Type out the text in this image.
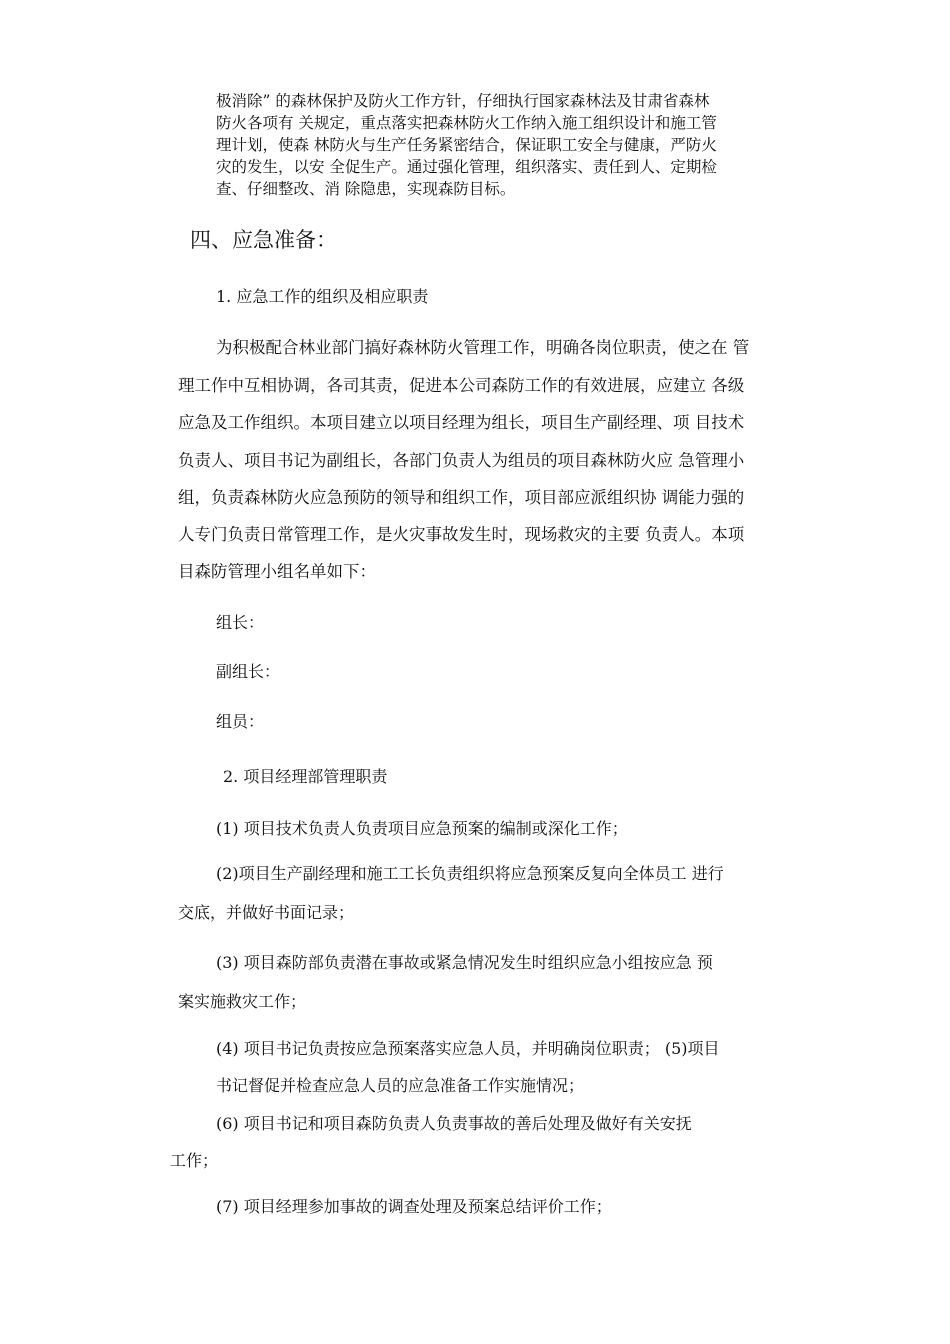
极消除” 的森林保护及防火工作方针，仔细执行国家森林法及甘肃省森林
防火各项有 关规定，重点落实把森林防火工作纳入施工组织设计和施工管
理计划，使森 林防火与生产任务紧密结合，保证职工安全与健康，严防火
灾的发生，以安 全促生产。通过强化管理，组织落实、责任到人、定期检
查、仔细整改、消 除隐患，实现森防目标。
四、应急准备：
1. 应急工作的组织及相应职责
为积极配合林业部门搞好森林防火管理工作，明确各岗位职责，使之在 管
理工作中互相协调，各司其责，促进本公司森防工作的有效进展，应建立 各级
应急及工作组织。本项目建立以项目经理为组长，项目生产副经理、项 目技术
负责人、项目书记为副组长，各部门负责人为组员的项目森林防火应 急管理小
组，负责森林防火应急预防的领导和组织工作，项目部应派组织协 调能力强的
人专门负责日常管理工作，是火灾事故发生时，现场救灾的主要 负责人。本项
目森防管理小组名单如下：
组长：
副组长：
组员：
2. 项目经理部管理职责
(1) 项目技术负责人负责项目应急预案的编制或深化工作；
(2)项目生产副经理和施工工长负责组织将应急预案反复向全体员工 进行
交底，并做好书面记录；
(3) 项目森防部负责潜在事故或紧急情况发生时组织应急小组按应急 预
案实施救灾工作；
(4) 项目书记负责按应急预案落实应急人员，并明确岗位职责； (5)项目
书记督促并检查应急人员的应急准备工作实施情况；
(6) 项目书记和项目森防负责人负责事故的善后处理及做好有关安抚
工作；
(7) 项目经理参加事故的调查处理及预案总结评价工作；
